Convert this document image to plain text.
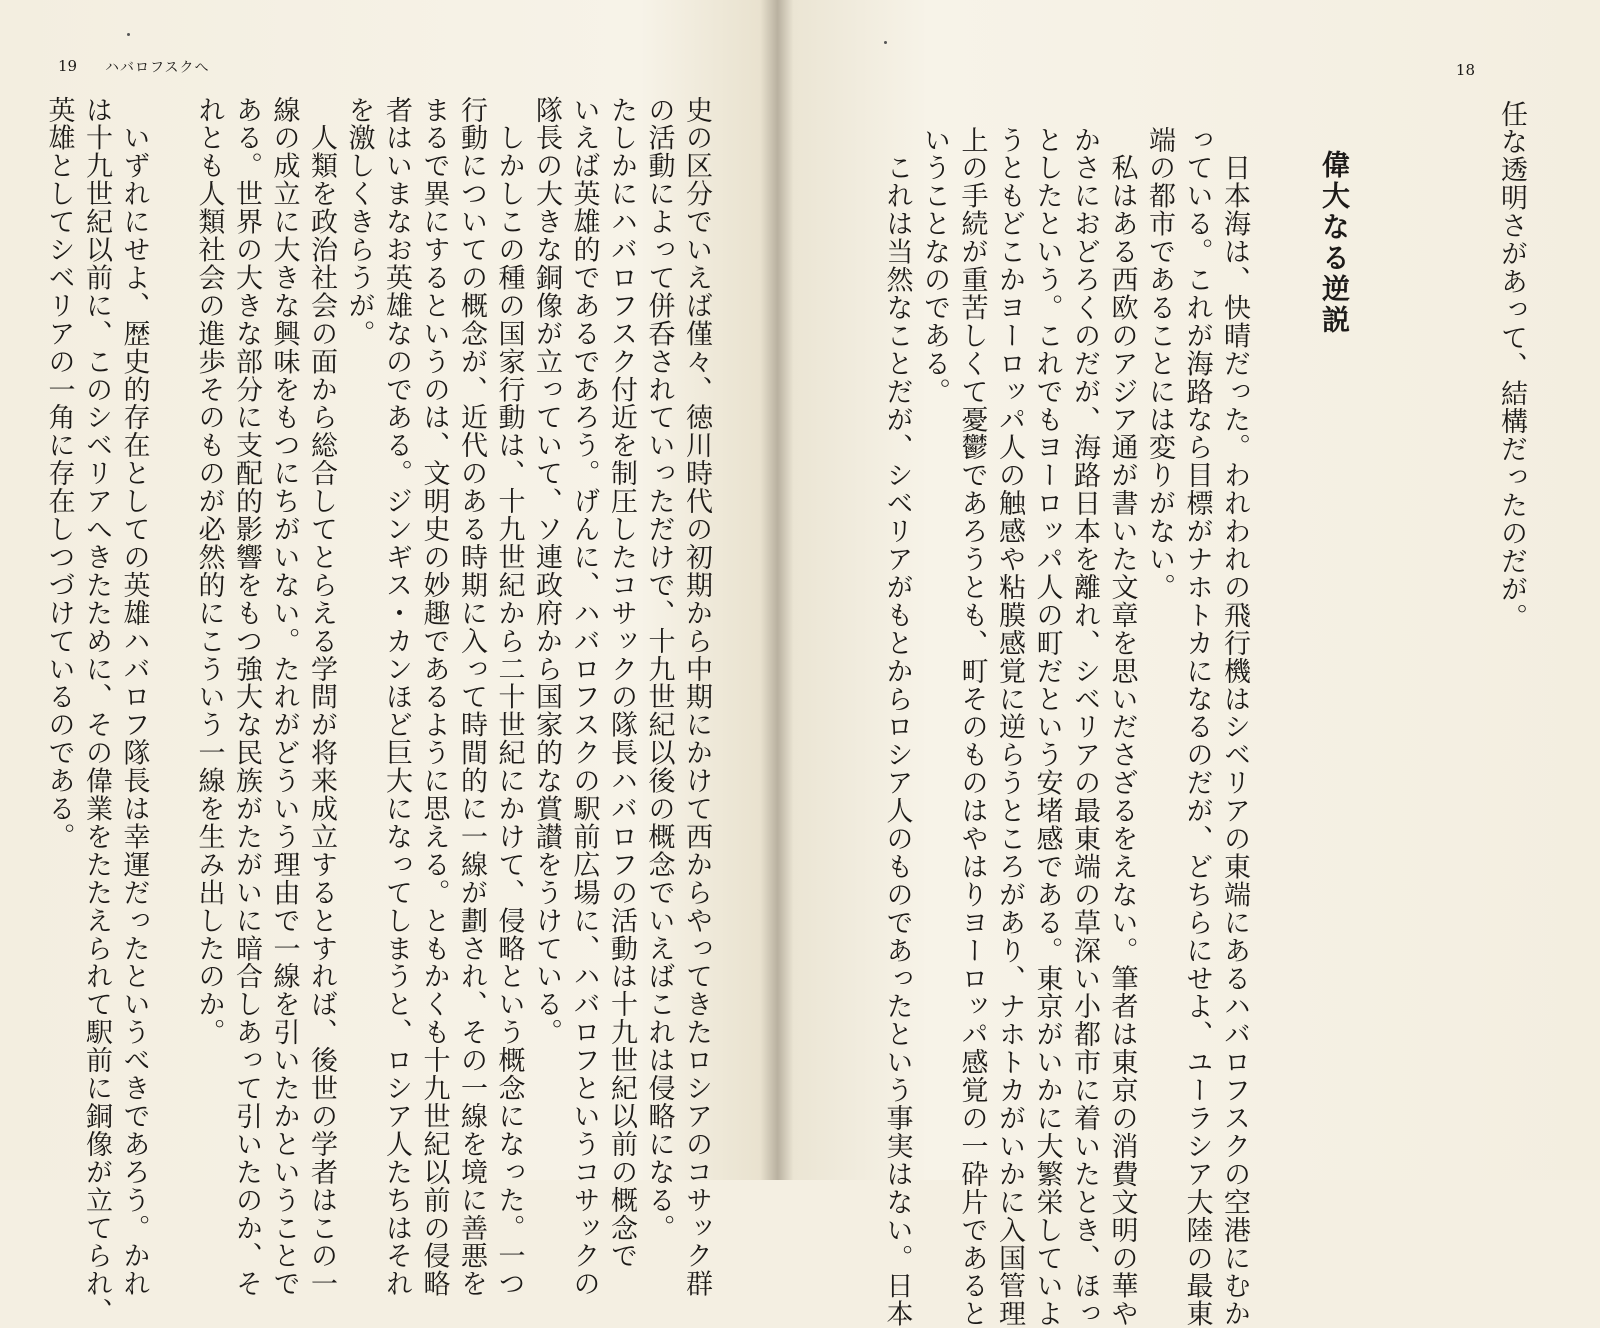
19 ハバロフスクへ
史の区分でいえば僅々、徳川時代の初期から中期にかけて西からやってきたロシアのコサック群
の活動によって併呑されていっただけで、十九世紀以後の概念でいえばこれは侵略になる。
たしかにハバロフスク付近を制圧したコサックの隊長ハバロフの活動は十九世紀以前の概念で
いえば英雄的であるであろう。げんに、ハバロフスクの駅前広場に、ハバロフというコサックの
隊長の大きな銅像が立っていて、ソ連政府から国家的な賞讃をうけている。
　しかしこの種の国家行動は、十九世紀から二十世紀にかけて、侵略という概念になった。一つ
行動についての概念が、近代のある時期に入って時間的に一線が劃され、その一線を境に善悪を
まるで異にするというのは、文明史の妙趣であるように思える。ともかくも十九世紀以前の侵略
者はいまなお英雄なのである。ジンギス・カンほど巨大になってしまうと、ロシア人たちはそれ
を激しくきらうが。
　人類を政治社会の面から総合してとらえる学問が将来成立するとすれば、後世の学者はこの一
線の成立に大きな興味をもつにちがいない。たれがどういう理由で一線を引いたかということで
ある。世界の大きな部分に支配的影響をもつ強大な民族がたがいに暗合しあって引いたのか、そ
れとも人類社会の進歩そのものが必然的にこういう一線を生み出したのか。

　いずれにせよ、歴史的存在としての英雄ハバロフ隊長は幸運だったというべきであろう。かれ
は十九世紀以前に、このシベリアへきたために、その偉業をたたえられて駅前に銅像が立てられ、
英雄としてシベリアの一角に存在しつづけているのである。
18
任な透明さがあって、結構だったのだが。
偉大なる逆説
　日本海は、快晴だった。われわれの飛行機はシベリアの東端にあるハバロフスクの空港にむか
っている。これが海路なら目標がナホトカになるのだが、どちらにせよ、ユーラシア大陸の最東
端の都市であることには変りがない。
　私はある西欧のアジア通が書いた文章を思いださざるをえない。筆者は東京の消費文明の華や
かさにおどろくのだが、海路日本を離れ、シベリアの最東端の草深い小都市に着いたとき、ほっ
としたという。これでもヨーロッパ人の町だという安堵感である。東京がいかに大繁栄していよ
うともどこかヨーロッパ人の触感や粘膜感覚に逆らうところがあり、ナホトカがいかに入国管理
上の手続が重苦しくて憂鬱であろうとも、町そのものはやはりヨーロッパ感覚の一砕片であると
いうことなのである。
　これは当然なことだが、シベリアがもとからロシア人のものであったという事実はない。日本
